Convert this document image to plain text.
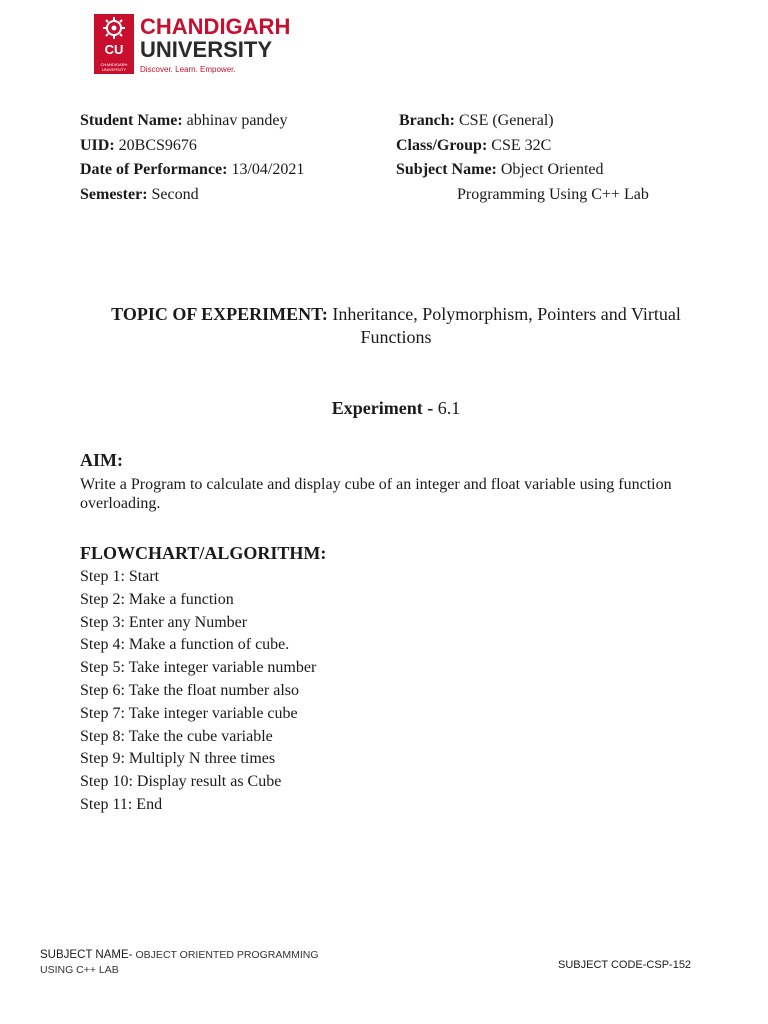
CU
CHANDIGARH UNIVERSITY
CHANDIGARH
UNIVERSITY
Discover. Learn. Empower.
Student Name: abhinav pandey
UID: 20BCS9676
Date of Performance: 13/04/2021
Semester: Second
Branch: CSE (General)
Class/Group: CSE 32C
Subject Name: Object Oriented
Programming Using C++ Lab
TOPIC OF EXPERIMENT: Inheritance, Polymorphism, Pointers and Virtual Functions
Experiment - 6.1
AIM:
Write a Program to calculate and display cube of an integer and float variable using function overloading.
FLOWCHART/ALGORITHM:
Step 1: Start
Step 2: Make a function
Step 3: Enter any Number
Step 4: Make a function of cube.
Step 5: Take integer variable number
Step 6: Take the float number also
Step 7: Take integer variable cube
Step 8: Take the cube variable
Step 9: Multiply N three times
Step 10: Display result as Cube
Step 11: End
SUBJECT NAME- OBJECT ORIENTED PROGRAMMING USING C++ LAB	SUBJECT CODE-CSP-152
